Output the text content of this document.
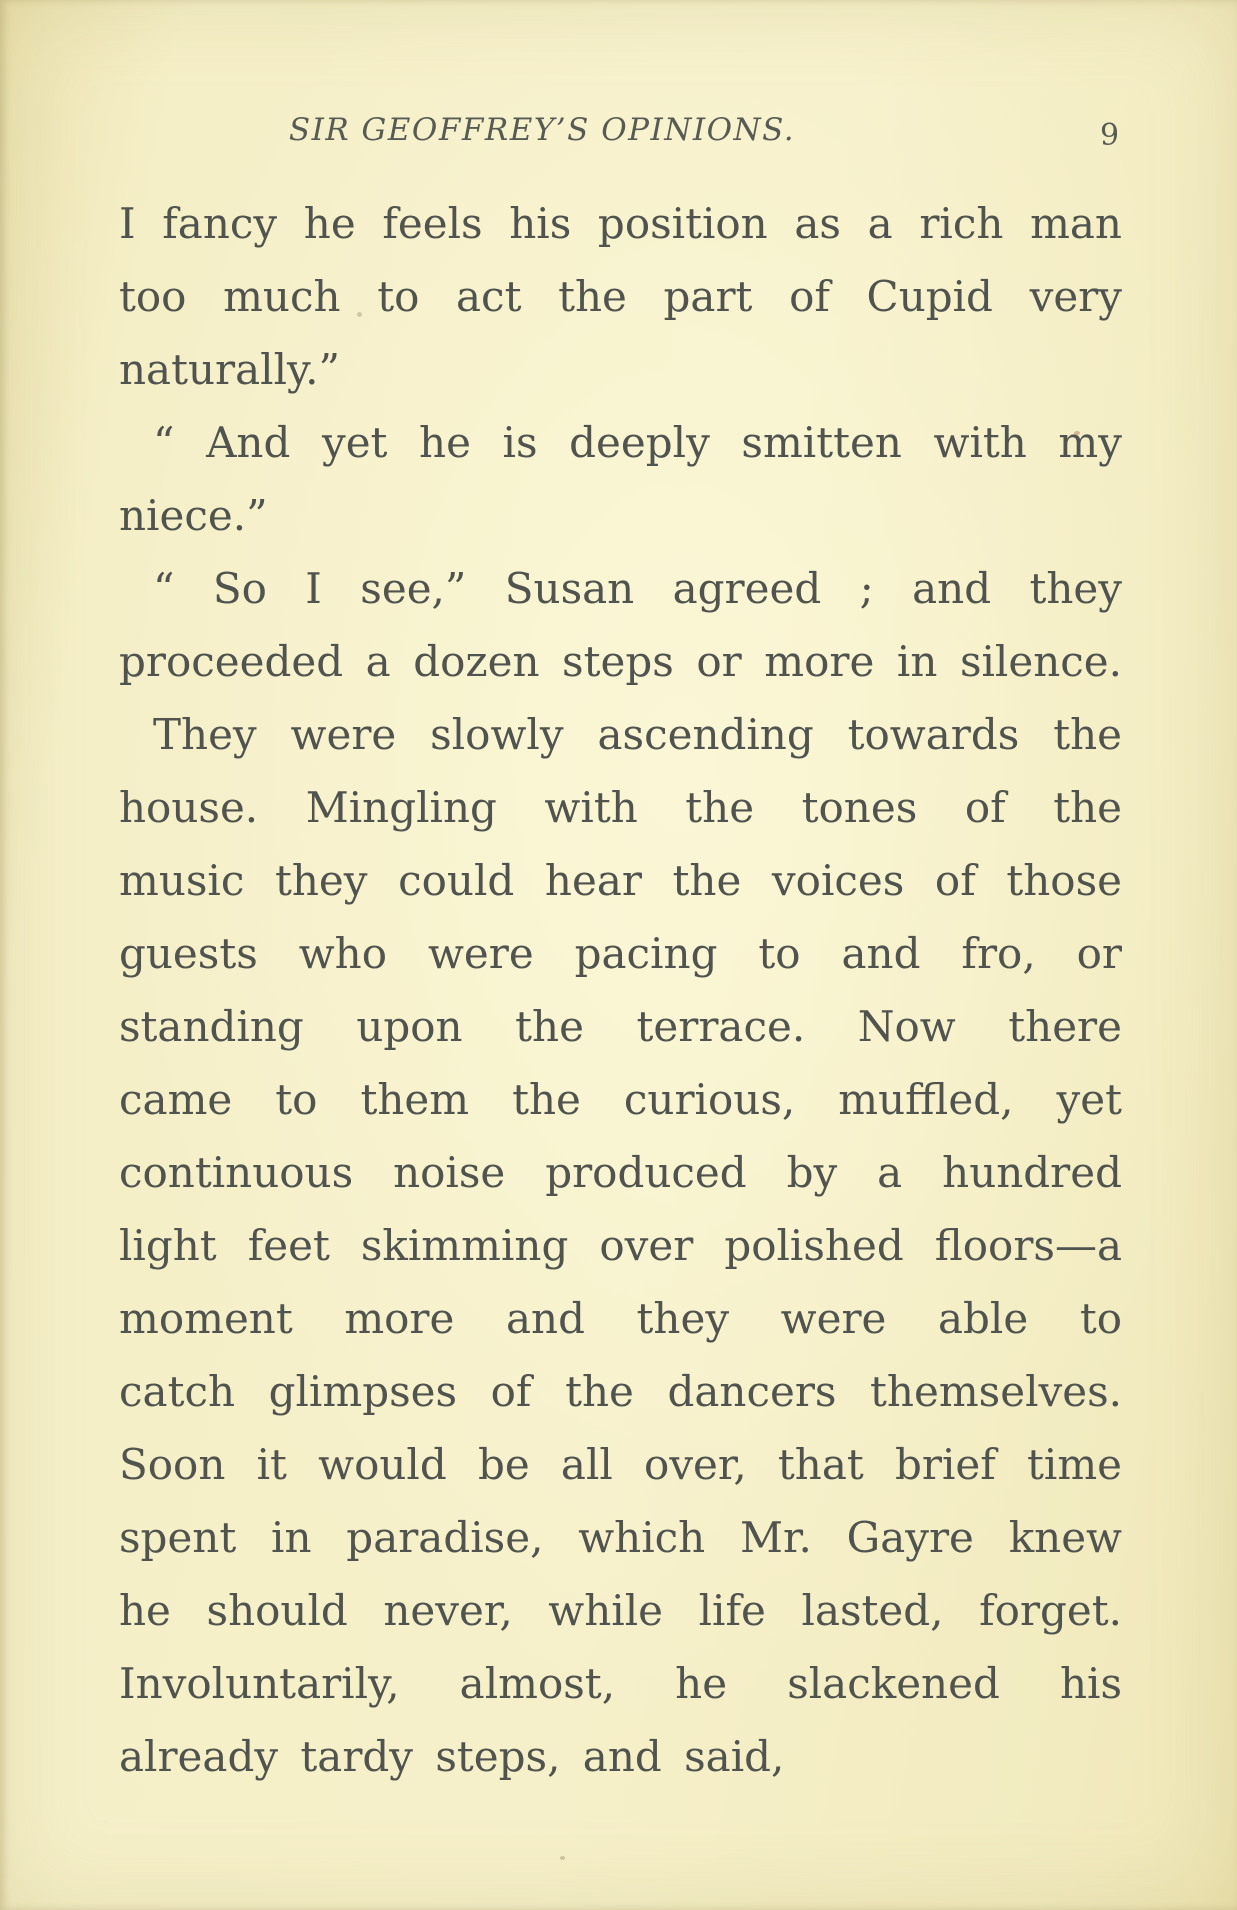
SIR GEOFFREY’S OPINIONS.	9
I fancy he feels his position as a rich man
too much to act the part of Cupid very
naturally.”
“ And yet he is deeply smitten with my
niece.”
“ So I see,” Susan agreed ; and they
proceeded a dozen steps or more in silence.
They were slowly ascending towards the
house. Mingling with the tones of the
music they could hear the voices of those
guests who were pacing to and fro, or
standing upon the terrace. Now there
came to them the curious, muffled, yet
continuous noise produced by a hundred
light feet skimming over polished floors—a
moment more and they were able to
catch glimpses of the dancers themselves.
Soon it would be all over, that brief time
spent in paradise, which Mr. Gayre knew
he should never, while life lasted, forget.
Involuntarily, almost, he slackened his
already tardy steps, and said,
